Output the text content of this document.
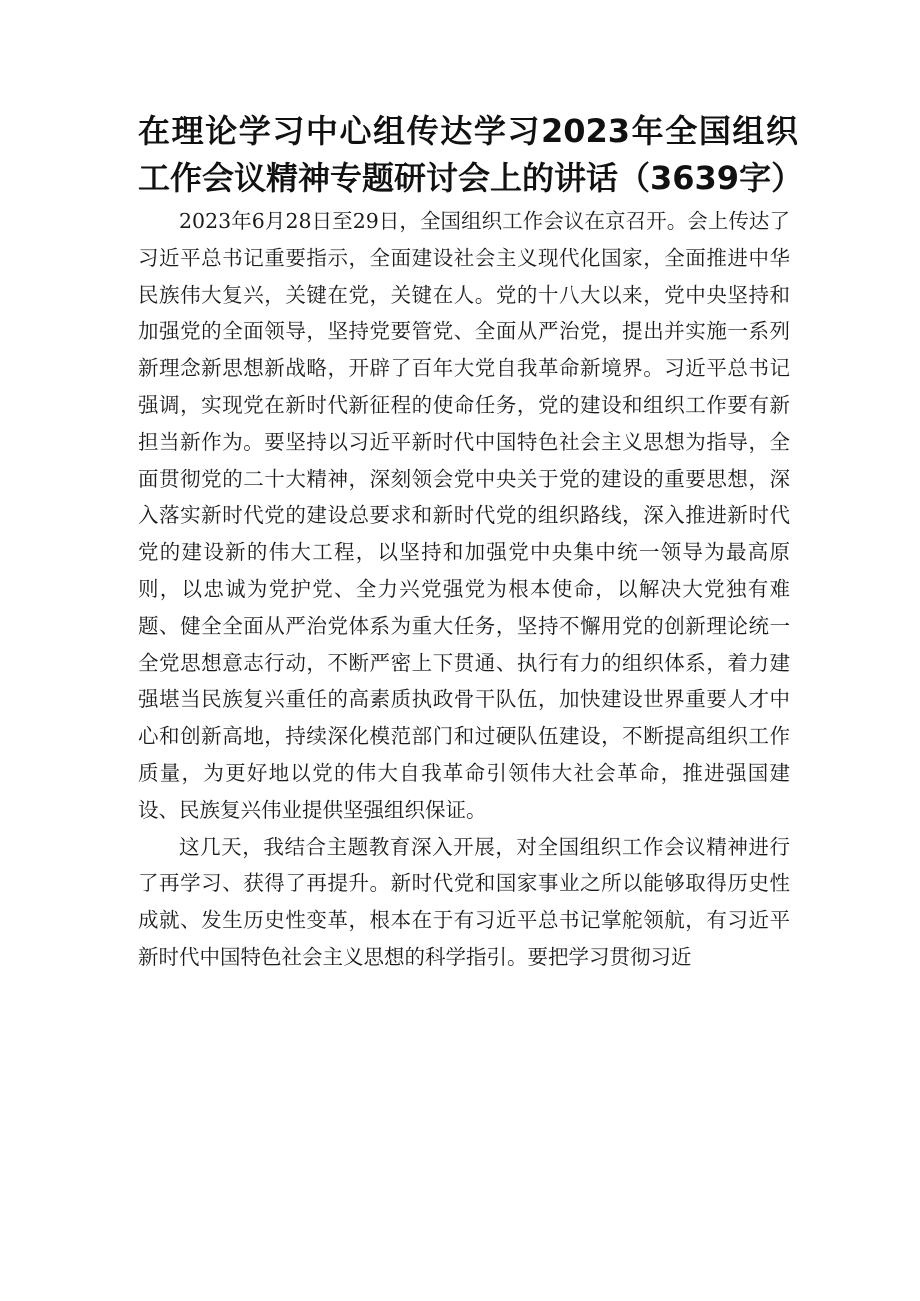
在理论学习中心组传达学习2023年全国组织
工作会议精神专题研讨会上的讲话（3639字）

2023年6月28日至29日，全国组织工作会议在京召开。会上传达了习近平总书记重要指示，全面建设社会主义现代化国家，全面推进中华民族伟大复兴，关键在党，关键在人。党的十八大以来，党中央坚持和加强党的全面领导，坚持党要管党、全面从严治党，提出并实施一系列新理念新思想新战略，开辟了百年大党自我革命新境界。习近平总书记强调，实现党在新时代新征程的使命任务，党的建设和组织工作要有新担当新作为。要坚持以习近平新时代中国特色社会主义思想为指导，全面贯彻党的二十大精神，深刻领会党中央关于党的建设的重要思想，深入落实新时代党的建设总要求和新时代党的组织路线，深入推进新时代党的建设新的伟大工程，以坚持和加强党中央集中统一领导为最高原则，以忠诚为党护党、全力兴党强党为根本使命，以解决大党独有难题、健全全面从严治党体系为重大任务，坚持不懈用党的创新理论统一全党思想意志行动，不断严密上下贯通、执行有力的组织体系，着力建强堪当民族复兴重任的高素质执政骨干队伍，加快建设世界重要人才中心和创新高地，持续深化模范部门和过硬队伍建设，不断提高组织工作质量，为更好地以党的伟大自我革命引领伟大社会革命，推进强国建设、民族复兴伟业提供坚强组织保证。

这几天，我结合主题教育深入开展，对全国组织工作会议精神进行了再学习、获得了再提升。新时代党和国家事业之所以能够取得历史性成就、发生历史性变革，根本在于有习近平总书记掌舵领航，有习近平新时代中国特色社会主义思想的科学指引。要把学习贯彻习近
